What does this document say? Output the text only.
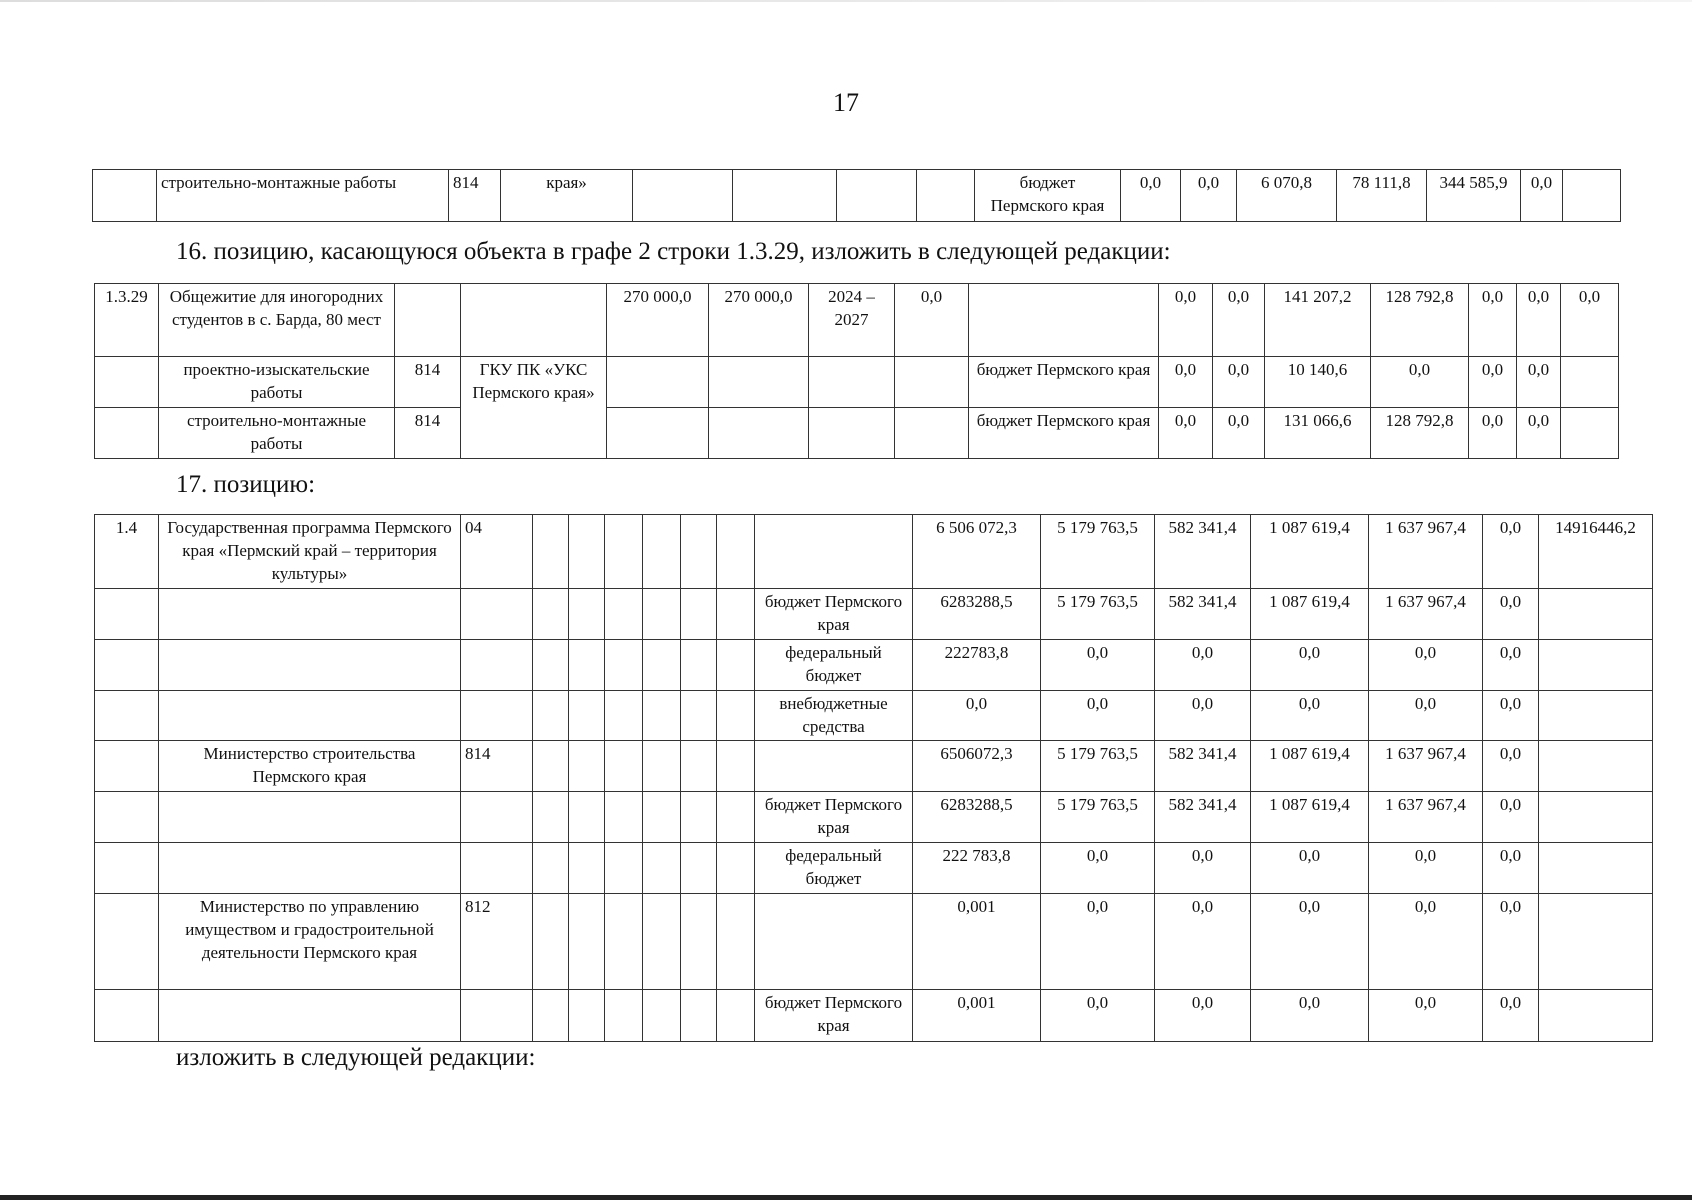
17
	строительно-монтажные работы	814	края»					бюджет Пермского края	0,0	0,0	6 070,8	78 111,8	344 585,9	0,0	
16. позицию, касающуюся объекта в графе 2 строки 1.3.29, изложить в следующей редакции:
1.3.29	Общежитие для иногородних студентов в с. Барда, 80 мест			270 000,0	270 000,0	2024 – 2027	0,0		0,0	0,0	141 207,2	128 792,8	0,0	0,0	0,0
	проектно-изыскательские работы	814	ГКУ ПК «УКС Пермского края»					бюджет Пермского края	0,0	0,0	10 140,6	0,0	0,0	0,0	
	строительно-монтажные работы	814						бюджет Пермского края	0,0	0,0	131 066,6	128 792,8	0,0	0,0	
17. позицию:
1.4	Государственная программа Пермского края «Пермский край – территория культуры»	04								6 506 072,3	5 179 763,5	582 341,4	1 087 619,4	1 637 967,4	0,0	14916446,2
									бюджет Пермского края	6283288,5	5 179 763,5	582 341,4	1 087 619,4	1 637 967,4	0,0	
									федеральный бюджет	222783,8	0,0	0,0	0,0	0,0	0,0	
									внебюджетные средства	0,0	0,0	0,0	0,0	0,0	0,0	
	Министерство строительства Пермского края	814								6506072,3	5 179 763,5	582 341,4	1 087 619,4	1 637 967,4	0,0	
									бюджет Пермского края	6283288,5	5 179 763,5	582 341,4	1 087 619,4	1 637 967,4	0,0	
									федеральный бюджет	222 783,8	0,0	0,0	0,0	0,0	0,0	
	Министерство по управлению имуществом и градостроительной деятельности Пермского края	812								0,001	0,0	0,0	0,0	0,0	0,0	
									бюджет Пермского края	0,001	0,0	0,0	0,0	0,0	0,0	
изложить в следующей редакции:
